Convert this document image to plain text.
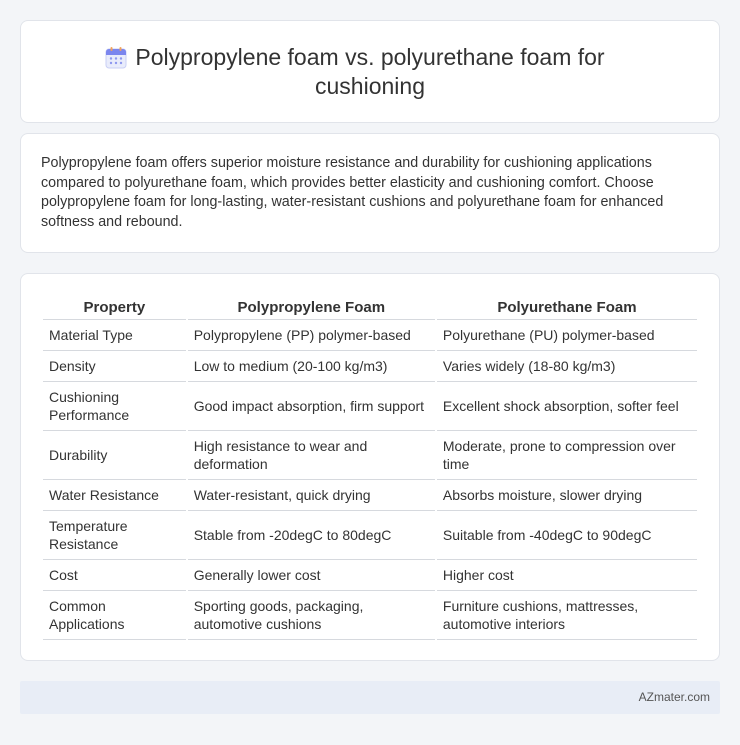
Polypropylene foam vs. polyurethane foam for cushioning

Polypropylene foam offers superior moisture resistance and durability for cushioning applications compared to polyurethane foam, which provides better elasticity and cushioning comfort. Choose polypropylene foam for long-lasting, water-resistant cushions and polyurethane foam for enhanced softness and rebound.

Property	Polypropylene Foam	Polyurethane Foam
Material Type	Polypropylene (PP) polymer-based	Polyurethane (PU) polymer-based
Density	Low to medium (20-100 kg/m3)	Varies widely (18-80 kg/m3)
Cushioning Performance	Good impact absorption, firm support	Excellent shock absorption, softer feel
Durability	High resistance to wear and deformation	Moderate, prone to compression over time
Water Resistance	Water-resistant, quick drying	Absorbs moisture, slower drying
Temperature Resistance	Stable from -20degC to 80degC	Suitable from -40degC to 90degC
Cost	Generally lower cost	Higher cost
Common Applications	Sporting goods, packaging, automotive cushions	Furniture cushions, mattresses, automotive interiors
AZmater.com
